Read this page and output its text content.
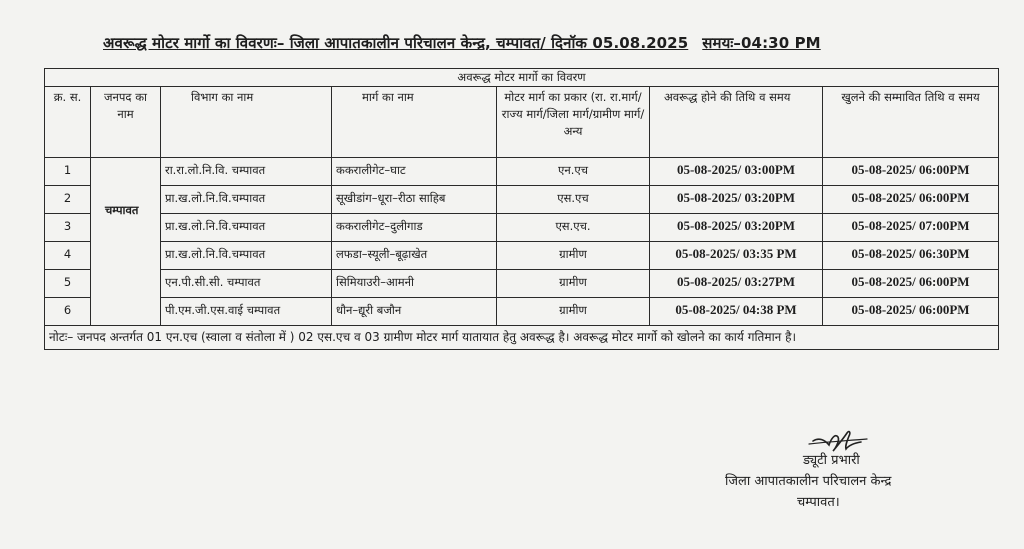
अवरूद्ध मोटर मार्गो का विवरणः– जिला आपातकालीन परिचालन केन्द्र, चम्पावत/ दिनॉक 05.08.2025 समयः–04:30 PM
अवरूद्ध मोटर मार्गो का विवरण						
क्र. स.	जनपद का नाम	विभाग का नाम	मार्ग का नाम	मोटर मार्ग का प्रकार (रा. रा.मार्ग/राज्य मार्ग/जिला मार्ग/ग्रामीण मार्ग/अन्य	अवरूद्ध होने की तिथि व समय	खुलने की सम्मावित तिथि व समय
1	चम्पावत	रा.रा.लो.नि.वि. चम्पावत	ककरालीगेट–घाट	एन.एच	05-08-2025/ 03:00PM	05-08-2025/ 06:00PM
2		प्रा.ख.लो.नि.वि.चम्पावत	सूखीडांग–धूरा–रीठा साहिब	एस.एच	05-08-2025/ 03:20PM	05-08-2025/ 06:00PM
3		प्रा.ख.लो.नि.वि.चम्पावत	ककरालीगेट–दुलीगाड	एस.एच.	05-08-2025/ 03:20PM	05-08-2025/ 07:00PM
4		प्रा.ख.लो.नि.वि.चम्पावत	लफडा–स्यूली–बूढ़ाखेत	ग्रामीण	05-08-2025/ 03:35 PM	05-08-2025/ 06:30PM
5		एन.पी.सी.सी. चम्पावत	सिमियाउरी–आमनी	ग्रामीण	05-08-2025/ 03:27PM	05-08-2025/ 06:00PM
6		पी.एम.जी.एस.वाई चम्पावत	धौन–द्यूरी बजौन	ग्रामीण	05-08-2025/ 04:38 PM	05-08-2025/ 06:00PM
नोटः– जनपद अन्तर्गत 01 एन.एच (स्वाला व संतोला में ) 02 एस.एच व 03 ग्रामीण मोटर मार्ग यातायात हेतु अवरूद्ध है। अवरूद्ध मोटर मार्गो को खोलने का कार्य गतिमान है।						
ड्यूटी प्रभारी
जिला आपातकालीन परिचालन केन्द्र
चम्पावत।
